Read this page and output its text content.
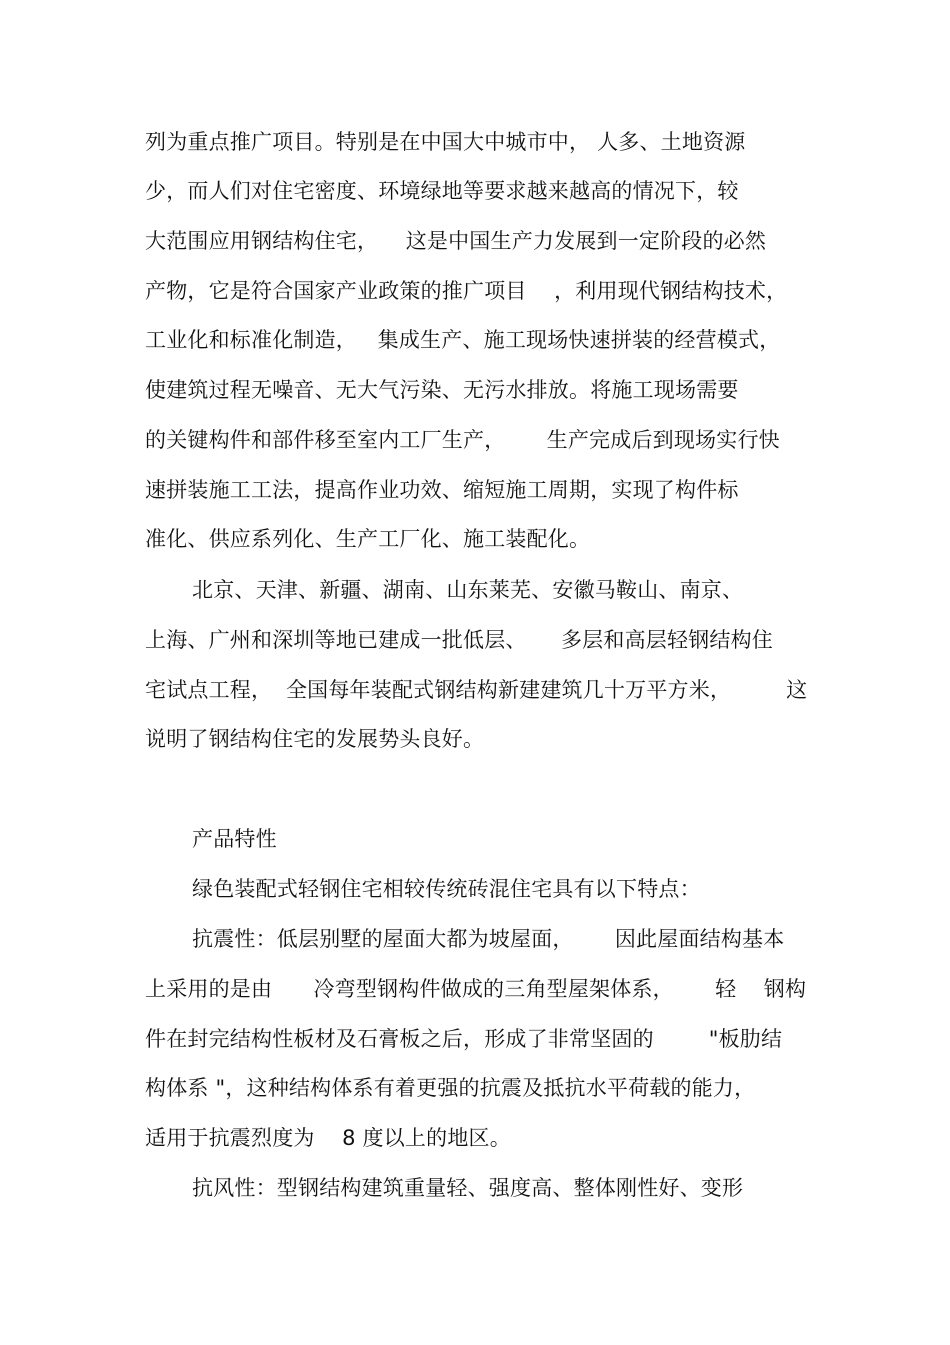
列为重点推广项目。特别是在中国大中城市中， 人多、土地资源
少，而人们对住宅密度、环境绿地等要求越来越高的情况下，较
大范围应用钢结构住宅，    这是中国生产力发展到一定阶段的必然
产物，它是符合国家产业政策的推广项目    ，利用现代钢结构技术，
工业化和标准化制造，   集成生产、施工现场快速拼装的经营模式，
使建筑过程无噪音、无大气污染、无污水排放。将施工现场需要
的关键构件和部件移至室内工厂生产，      生产完成后到现场实行快
速拼装施工工法，提高作业功效、缩短施工周期，实现了构件标
准化、供应系列化、生产工厂化、施工装配化。
北京、天津、新疆、湖南、山东莱芜、安徽马鞍山、南京、
上海、广州和深圳等地已建成一批低层、     多层和高层轻钢结构住
宅试点工程，  全国每年装配式钢结构新建建筑几十万平方米，        这
说明了钢结构住宅的发展势头良好。
产品特性
绿色装配式轻钢住宅相较传统砖混住宅具有以下特点：
抗震性：低层别墅的屋面大都为坡屋面，      因此屋面结构基本
上采用的是由      冷弯型钢构件做成的三角型屋架体系，      轻    钢构
件在封完结构性板材及石膏板之后，形成了非常坚固的        "板肋结
构体系 "，这种结构体系有着更强的抗震及抵抗水平荷载的能力，
适用于抗震烈度为    8 度以上的地区。
抗风性：型钢结构建筑重量轻、强度高、整体刚性好、变形
